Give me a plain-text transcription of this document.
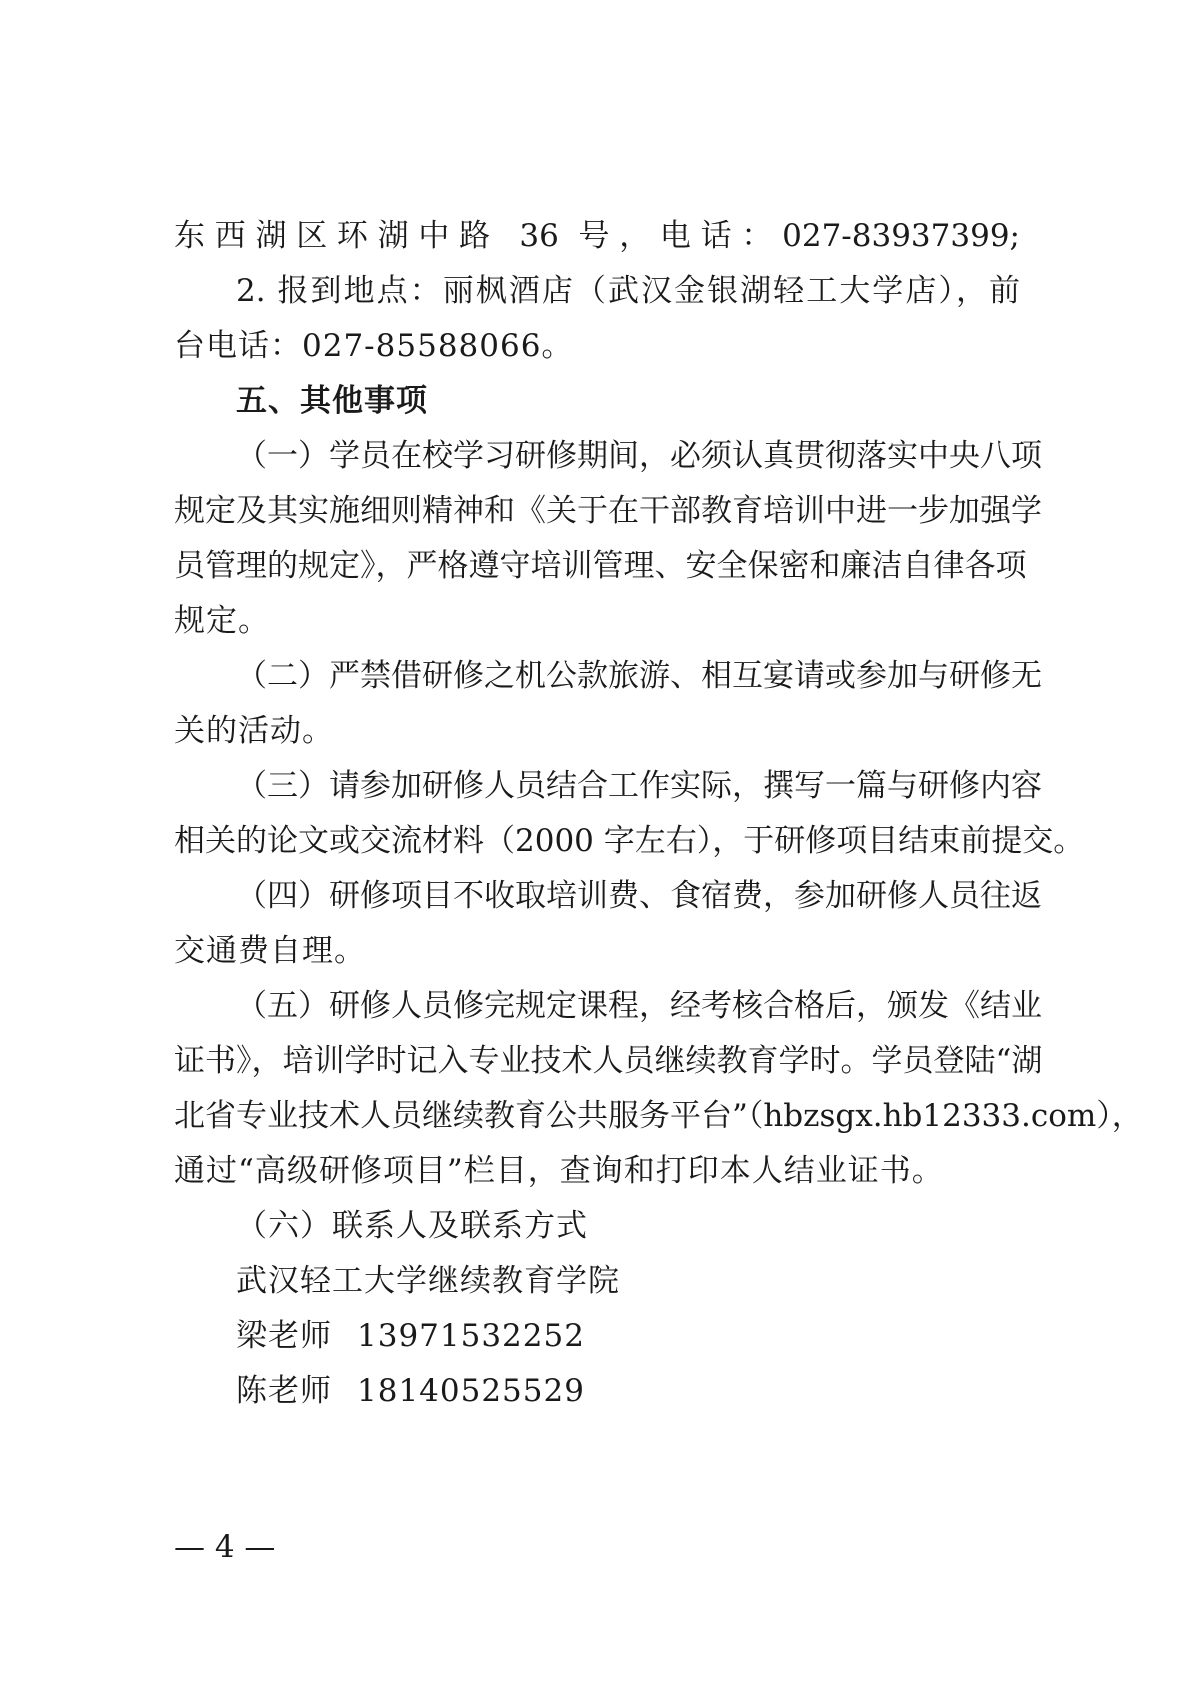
东西湖区环湖中路 36 号，电话：027-83937399;
2. 报到地点：丽枫酒店（武汉金银湖轻工大学店），前
台电话：027-85588066。
五、其他事项
（一）学员在校学习研修期间，必须认真贯彻落实中央八项
规定及其实施细则精神和《关于在干部教育培训中进一步加强学
员管理的规定》，严格遵守培训管理、安全保密和廉洁自律各项
规定。
（二）严禁借研修之机公款旅游、相互宴请或参加与研修无
关的活动。
（三）请参加研修人员结合工作实际，撰写一篇与研修内容
相关的论文或交流材料（2000 字左右），于研修项目结束前提交。
（四）研修项目不收取培训费、食宿费，参加研修人员往返
交通费自理。
（五）研修人员修完规定课程，经考核合格后，颁发《结业
证书》，培训学时记入专业技术人员继续教育学时。学员登陆“湖
北省专业技术人员继续教育公共服务平台”（hbzsgx.hb12333.com），
通过“高级研修项目”栏目，查询和打印本人结业证书。
（六）联系人及联系方式
武汉轻工大学继续教育学院
梁老师 13971532252
陈老师 18140525529
— 4 —
